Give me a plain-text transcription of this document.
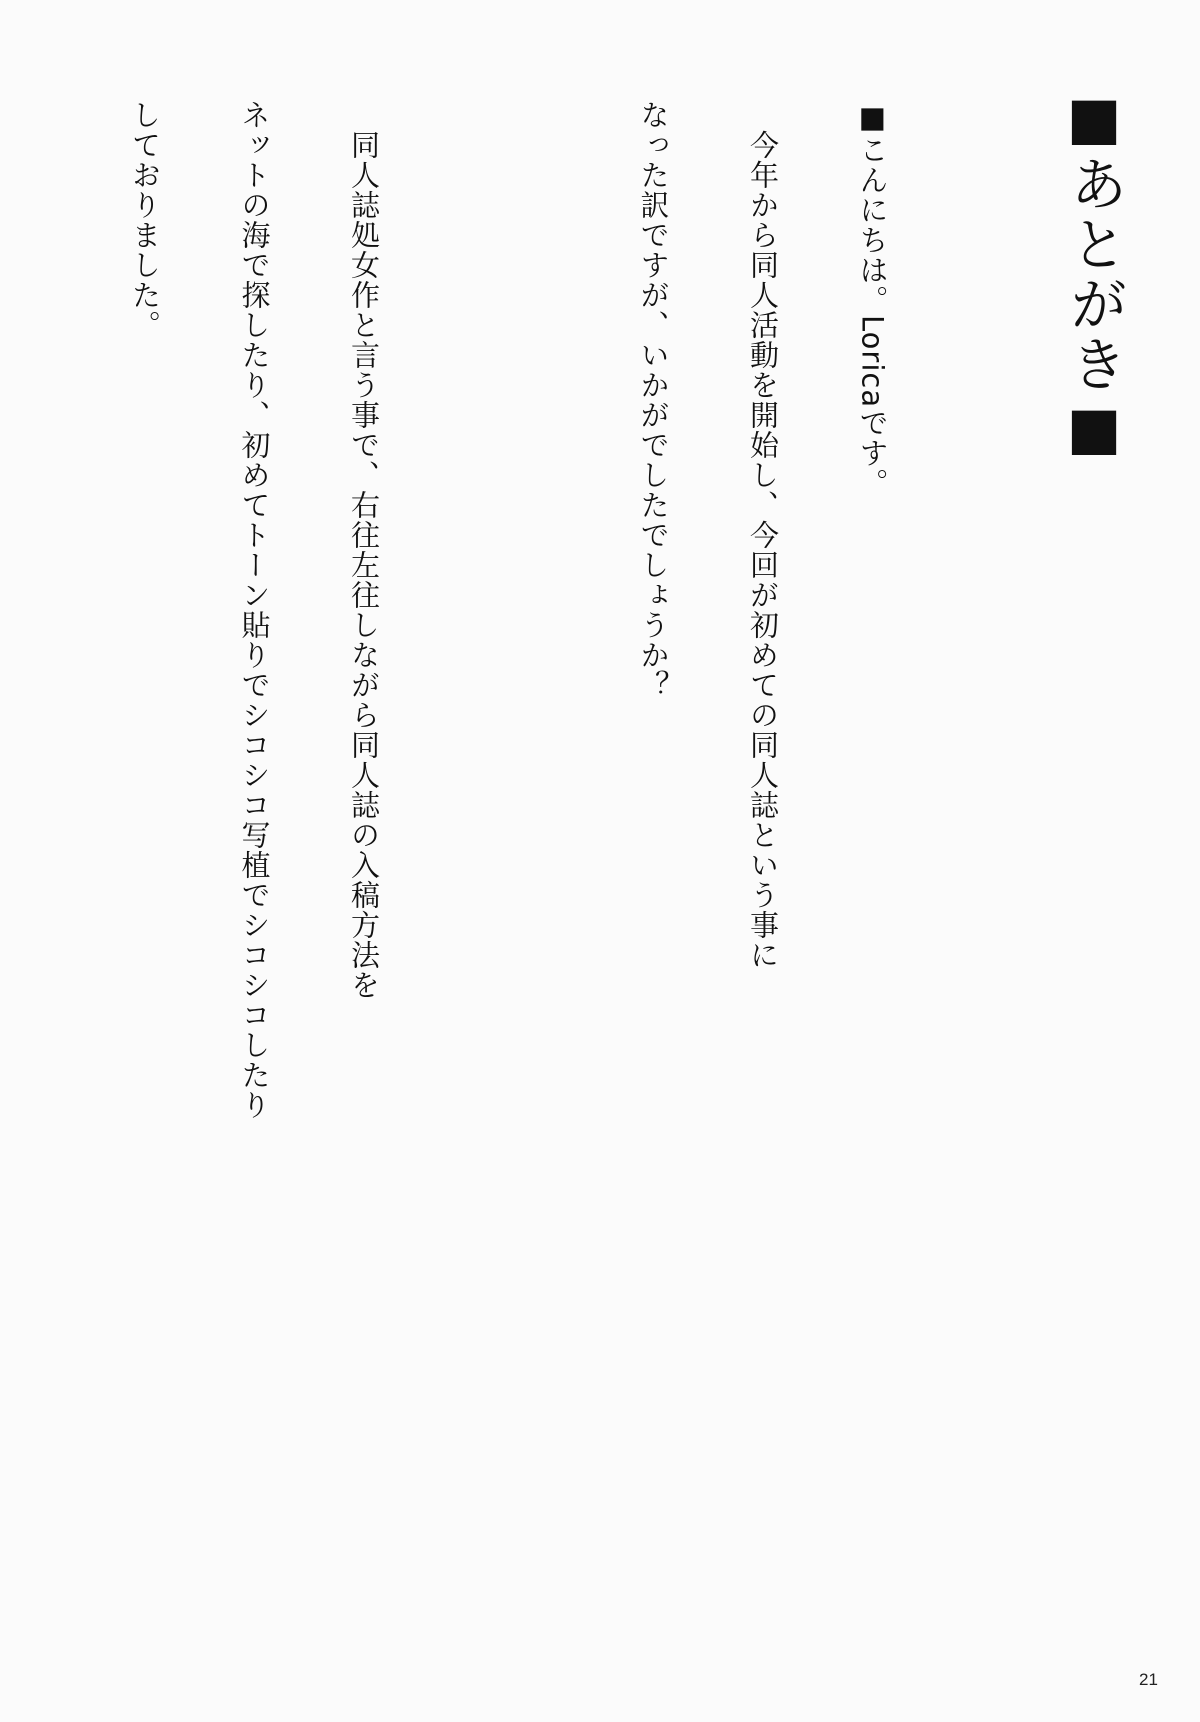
■あとがき■

■こんにちは。Loricaです。

今年から同人活動を開始し、今回が初めての同人誌という事に

なった訳ですが、いかがでしたでしょうか？

同人誌処女作と言う事で、右往左往しながら同人誌の入稿方法を

ネットの海で探したり、初めてトーン貼りでシコシコ写植でシコシコしたり

しておりました。

21
